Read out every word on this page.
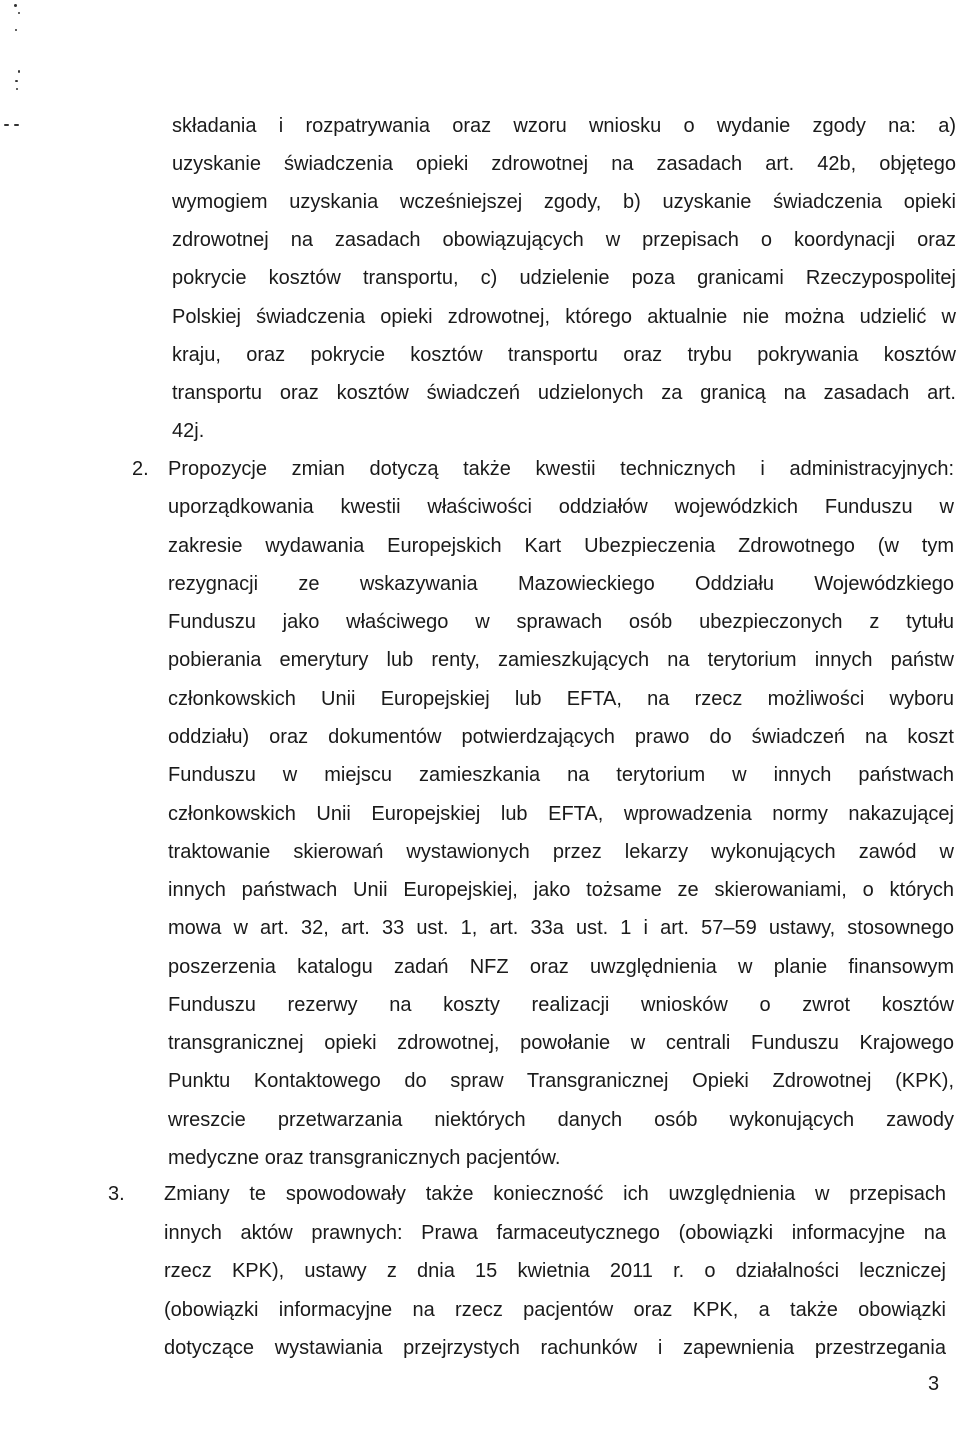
składania i rozpatrywania oraz wzoru wniosku o wydanie zgody na: a)
uzyskanie świadczenia opieki zdrowotnej na zasadach art. 42b, objętego
wymogiem uzyskania wcześniejszej zgody, b) uzyskanie świadczenia opieki
zdrowotnej na zasadach obowiązujących w przepisach o koordynacji oraz
pokrycie kosztów transportu, c) udzielenie poza granicami Rzeczypospolitej
Polskiej świadczenia opieki zdrowotnej, którego aktualnie nie można udzielić w
kraju, oraz pokrycie kosztów transportu oraz trybu pokrywania kosztów
transportu oraz kosztów świadczeń udzielonych za granicą na zasadach art.
42j.
2. Propozycje zmian dotyczą także kwestii technicznych i administracyjnych:
uporządkowania kwestii właściwości oddziałów wojewódzkich Funduszu w
zakresie wydawania Europejskich Kart Ubezpieczenia Zdrowotnego (w tym
rezygnacji ze wskazywania Mazowieckiego Oddziału Wojewódzkiego
Funduszu jako właściwego w sprawach osób ubezpieczonych z tytułu
pobierania emerytury lub renty, zamieszkujących na terytorium innych państw
członkowskich Unii Europejskiej lub EFTA, na rzecz możliwości wyboru
oddziału) oraz dokumentów potwierdzających prawo do świadczeń na koszt
Funduszu w miejscu zamieszkania na terytorium w innych państwach
członkowskich Unii Europejskiej lub EFTA, wprowadzenia normy nakazującej
traktowanie skierowań wystawionych przez lekarzy wykonujących zawód w
innych państwach Unii Europejskiej, jako tożsame ze skierowaniami, o których
mowa w art. 32, art. 33 ust. 1, art. 33a ust. 1 i art. 57–59 ustawy, stosownego
poszerzenia katalogu zadań NFZ oraz uwzględnienia w planie finansowym
Funduszu rezerwy na koszty realizacji wniosków o zwrot kosztów
transgranicznej opieki zdrowotnej, powołanie w centrali Funduszu Krajowego
Punktu Kontaktowego do spraw Transgranicznej Opieki Zdrowotnej (KPK),
wreszcie przetwarzania niektórych danych osób wykonujących zawody
medyczne oraz transgranicznych pacjentów.
3. Zmiany te spowodowały także konieczność ich uwzględnienia w przepisach
innych aktów prawnych: Prawa farmaceutycznego (obowiązki informacyjne na
rzecz KPK), ustawy z dnia 15 kwietnia 2011 r. o działalności leczniczej
(obowiązki informacyjne na rzecz pacjentów oraz KPK, a także obowiązki
dotyczące wystawiania przejrzystych rachunków i zapewnienia przestrzegania
3
